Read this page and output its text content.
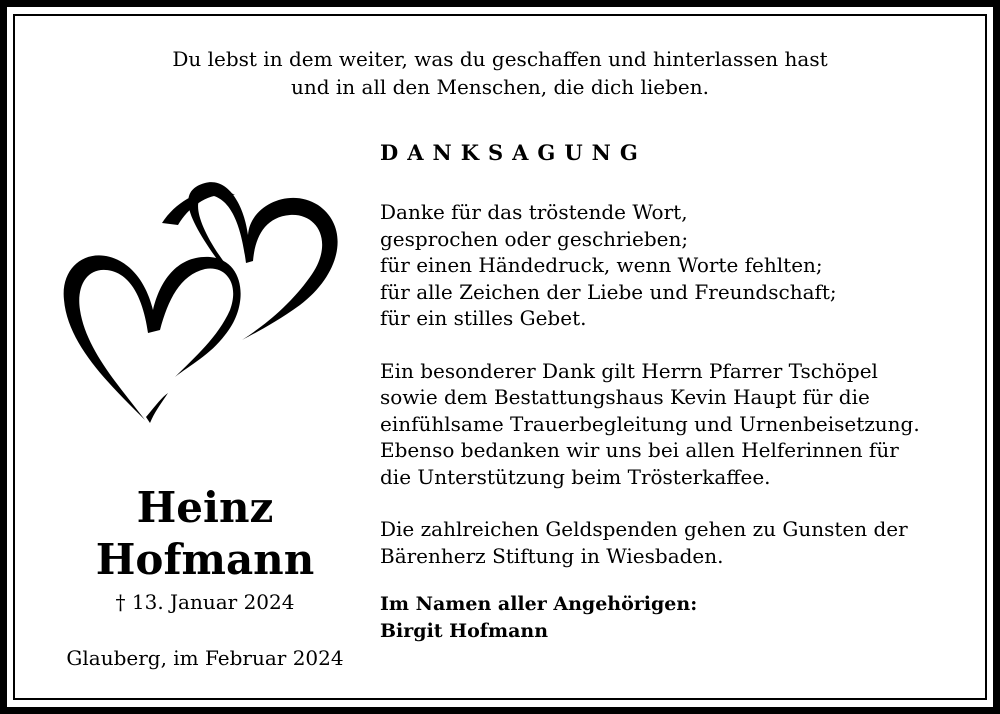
Du lebst in dem weiter, was du geschaffen und hinterlassen hast
und in all den Menschen, die dich lieben.
Heinz
Hofmann
† 13. Januar 2024
Glauberg, im Februar 2024
DANKSAGUNG
Danke für das tröstende Wort,
gesprochen oder geschrieben;
für einen Händedruck, wenn Worte fehlten;
für alle Zeichen der Liebe und Freundschaft;
für ein stilles Gebet.
Ein besonderer Dank gilt Herrn Pfarrer Tschöpel
sowie dem Bestattungshaus Kevin Haupt für die
einfühlsame Trauerbegleitung und Urnenbeisetzung.
Ebenso bedanken wir uns bei allen Helferinnen für
die Unterstützung beim Trösterkaffee.
Die zahlreichen Geldspenden gehen zu Gunsten der
Bärenherz Stiftung in Wiesbaden.
Im Namen aller Angehörigen:
Birgit Hofmann
